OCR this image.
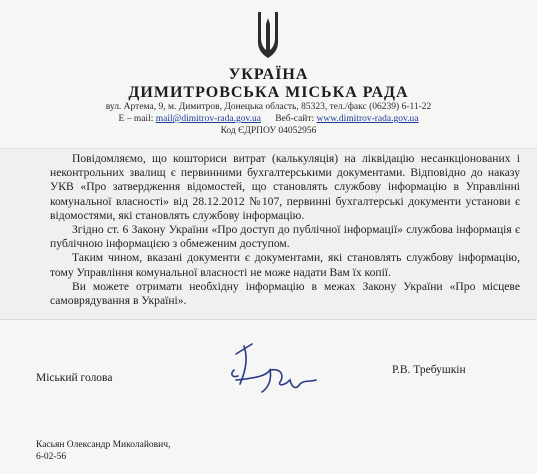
УКРАЇНА
ДИМИТРОВСЬКА МІСЬКА РАДА
вул. Артема, 9, м. Димитров, Донецька область, 85323, тел./факс (06239) 6-11-22
E – mail: mail@dimitrov-rada.gov.ua Веб-сайт: www.dimitrov-rada.gov.ua
Код ЄДРПОУ 04052956

Повідомляємо, що кошториси витрат (калькуляція) на ліквідацію несанкціонованих і неконтрольних звалищ є первинними бухгалтерськими документами. Відповідно до наказу УКВ «Про затвердження відомостей, що становлять службову інформацію в Управлінні комунальної власності» від 28.12.2012 №107, первинні бухгалтерські документи установи є відомостями, які становлять службову інформацію.

Згідно ст. 6 Закону України «Про доступ до публічної інформації» службова інформація є публічною інформацією з обмеженим доступом.

Таким чином, вказані документи є документами, які становлять службову інформацію, тому Управління комунальної власності не може надати Вам їх копії.

Ви можете отримати необхідну інформацію в межах Закону України «Про місцеве самоврядування в Україні».

Міський голова
Р.В. Требушкін
Касьян Олександр Миколайович,
6-02-56
